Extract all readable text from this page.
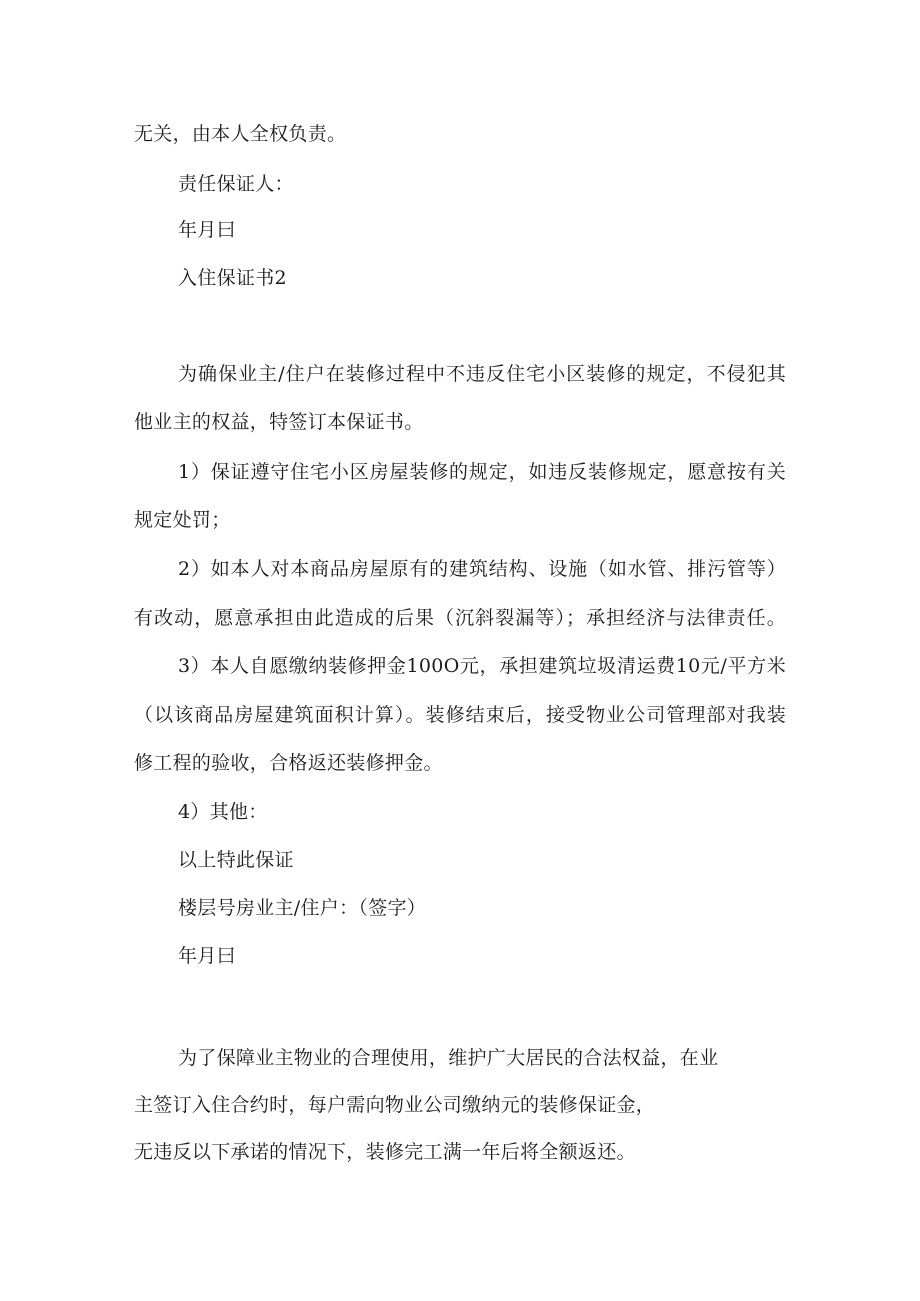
无关，由本人全权负责。
责任保证人：
年月曰
入住保证书2
为确保业主/住户在装修过程中不违反住宅小区装修的规定，不侵犯其
他业主的权益，特签订本保证书。
1）保证遵守住宅小区房屋装修的规定，如违反装修规定，愿意按有关
规定处罚；
2）如本人对本商品房屋原有的建筑结构、设施（如水管、排污管等）
有改动，愿意承担由此造成的后果（沉斜裂漏等）；承担经济与法律责任。
3）本人自愿缴纳装修押金100O元，承担建筑垃圾清运费10元/平方米
（以该商品房屋建筑面积计算）。装修结束后，接受物业公司管理部对我装
修工程的验收，合格返还装修押金。
4）其他：
以上特此保证
楼层号房业主/住户：（签字）
年月曰
为了保障业主物业的合理使用，维护广大居民的合法权益，在业
主签订入住合约时，每户需向物业公司缴纳元的装修保证金，
无违反以下承诺的情况下，装修完工满一年后将全额返还。
